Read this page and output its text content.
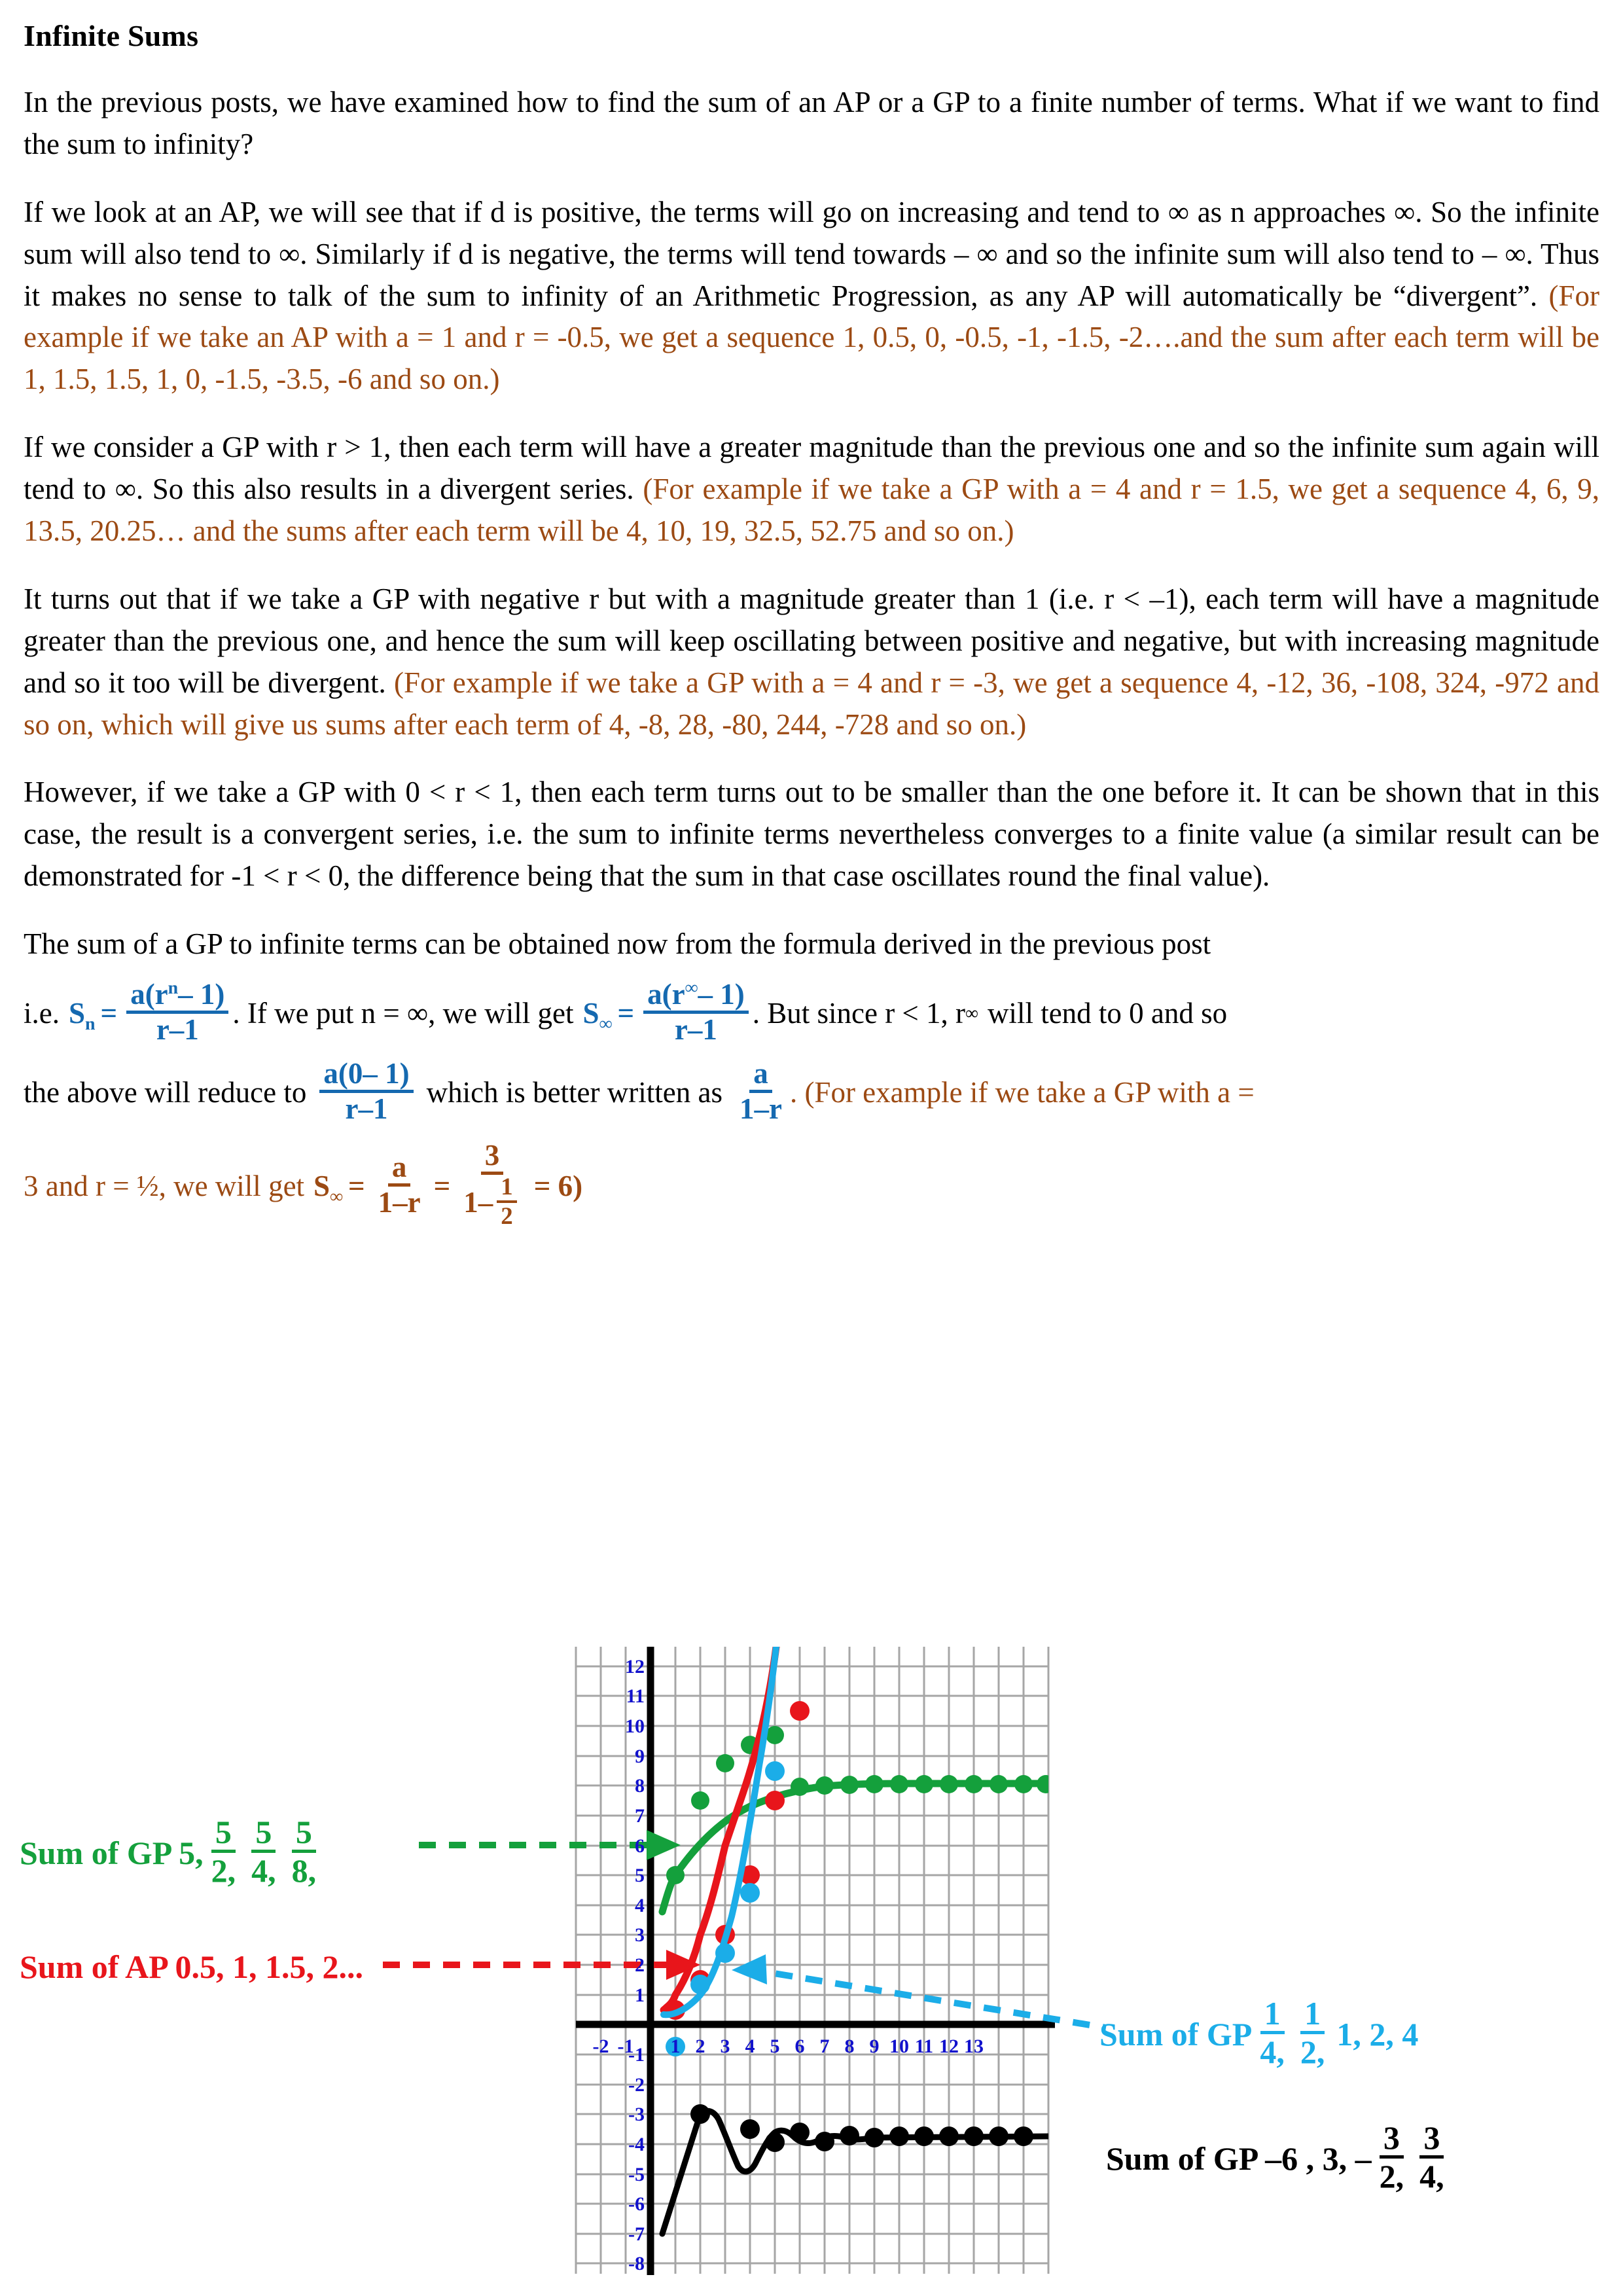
Infinite Sums

In the previous posts, we have examined how to find the sum of an AP or a GP to a finite number of terms. What if we want to find the sum to infinity?

If we look at an AP, we will see that if d is positive, the terms will go on increasing and tend to ∞ as n approaches ∞. So the infinite sum will also tend to ∞. Similarly if d is negative, the terms will tend towards – ∞ and so the infinite sum will also tend to – ∞. Thus it makes no sense to talk of the sum to infinity of an Arithmetic Progression, as any AP will automatically be “divergent”. (For example if we take an AP with a = 1 and r = -0.5, we get a sequence 1, 0.5, 0, -0.5, -1, -1.5, -2….and the sum after each term will be 1, 1.5, 1.5, 1, 0, -1.5, -3.5, -6 and so on.)

If we consider a GP with r > 1, then each term will have a greater magnitude than the previous one and so the infinite sum again will tend to ∞. So this also results in a divergent series. (For example if we take a GP with a = 4 and r = 1.5, we get a sequence 4, 6, 9, 13.5, 20.25… and the sums after each term will be 4, 10, 19, 32.5, 52.75 and so on.)

It turns out that if we take a GP with negative r but with a magnitude greater than 1 (i.e. r < –1), each term will have a magnitude greater than the previous one, and hence the sum will keep oscillating between positive and negative, but with increasing magnitude and so it too will be divergent. (For example if we take a GP with a = 4 and r = -3, we get a sequence 4, -12, 36, -108, 324, -972 and so on, which will give us sums after each term of 4, -8, 28, -80, 244, -728 and so on.)

However, if we take a GP with 0 < r < 1, then each term turns out to be smaller than the one before it. It can be shown that in this case, the result is a convergent series, i.e. the sum to infinite terms nevertheless converges to a finite value (a similar result can be demonstrated for -1 < r < 0, the difference being that the sum in that case oscillates round the final value).

The sum of a GP to infinite terms can be obtained now from the formula derived in the previous post

i.e. $S_n = \frac{a(r^n- 1)}{r-1}$ . If we put n = ∞, we will get $S_\infty = \frac{a(r^\infty- 1)}{r-1}$ . But since r < 1, r ∞ will tend to 0 and so
the above will reduce to $\frac{a(0- 1)}{r-1}$ which is better written as $\frac{a}{1-r}$ . (For example if we take a GP with a =
3 and r = ½, we will get $S_\infty = \frac{a}{1-r} = \frac{3}{1- \frac{1}{2}} = 6$)
-2 -1 1 2 3 4 5 6 7 8 9 10 11 12 13
12
11
10
9
8
7
6
5
4
3
2
1
-1
-2
-3
-4
-5
-6
-7
-8
Sum of GP 5, $\frac{5}{2,} \frac{5}{4,} \frac{5}{8,}$
Sum of AP 0.5, 1, 1.5, 2...
Sum of GP $\frac{1}{4,} \frac{1}{2,} 1$, 2, 4
Sum of GP –6 , 3, – $\frac{3}{2,} \frac{3}{4,}$
